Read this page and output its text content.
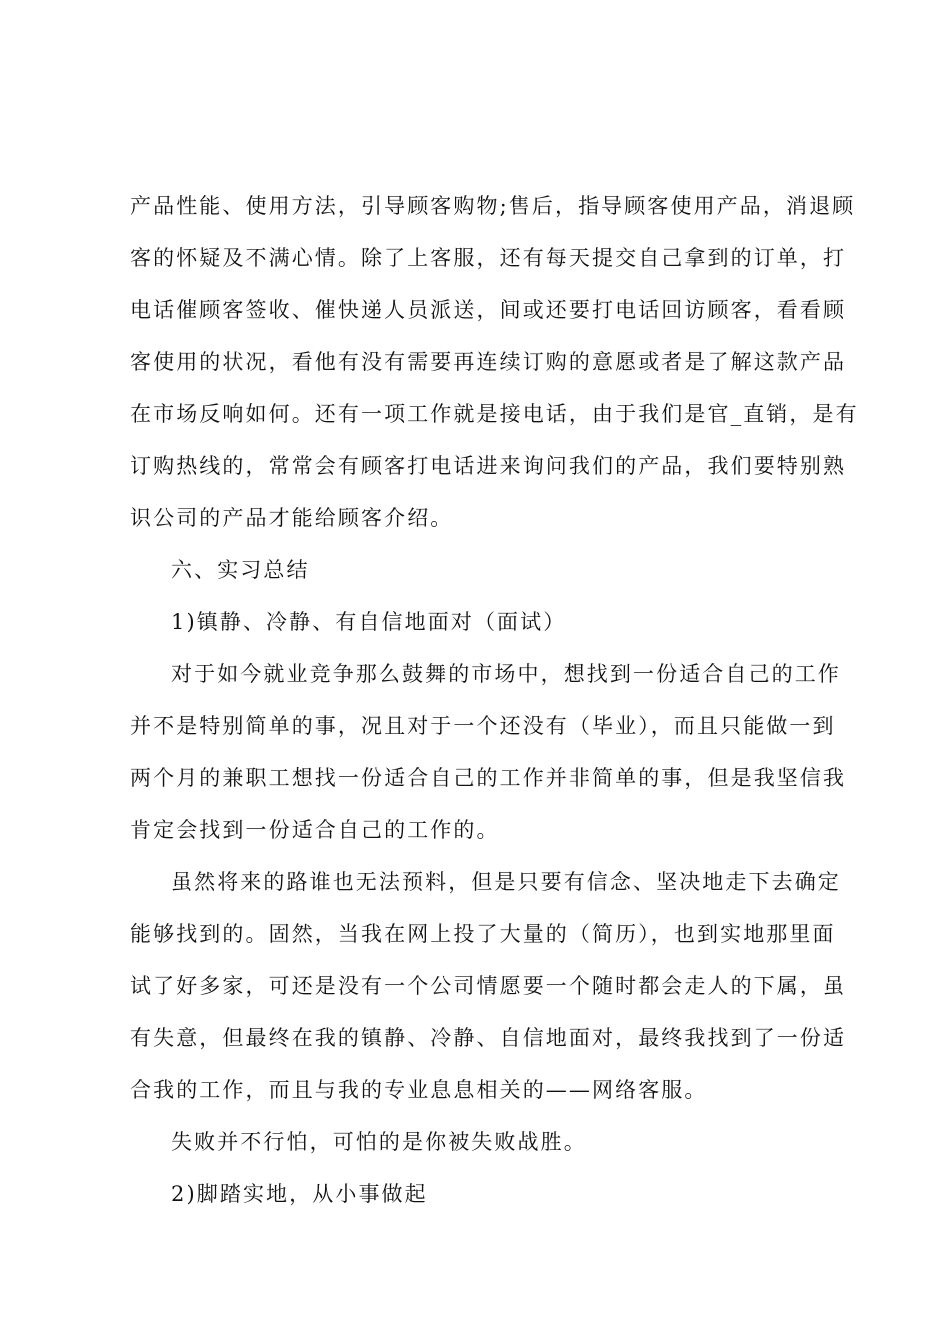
产品性能、使用方法，引导顾客购物;售后，指导顾客使用产品，消退顾
客的怀疑及不满心情。除了上客服，还有每天提交自己拿到的订单，打
电话催顾客签收、催快递人员派送，间或还要打电话回访顾客，看看顾
客使用的状况，看他有没有需要再连续订购的意愿或者是了解这款产品
在市场反响如何。还有一项工作就是接电话，由于我们是官_直销，是有
订购热线的，常常会有顾客打电话进来询问我们的产品，我们要特别熟
识公司的产品才能给顾客介绍。
六、实习总结
1)镇静、冷静、有自信地面对（面试）
对于如今就业竞争那么鼓舞的市场中，想找到一份适合自己的工作
并不是特别简单的事，况且对于一个还没有（毕业），而且只能做一到
两个月的兼职工想找一份适合自己的工作并非简单的事，但是我坚信我
肯定会找到一份适合自己的工作的。
虽然将来的路谁也无法预料，但是只要有信念、坚决地走下去确定
能够找到的。固然，当我在网上投了大量的（简历），也到实地那里面
试了好多家，可还是没有一个公司情愿要一个随时都会走人的下属，虽
有失意，但最终在我的镇静、冷静、自信地面对，最终我找到了一份适
合我的工作，而且与我的专业息息相关的——网络客服。
失败并不行怕，可怕的是你被失败战胜。
2)脚踏实地，从小事做起
